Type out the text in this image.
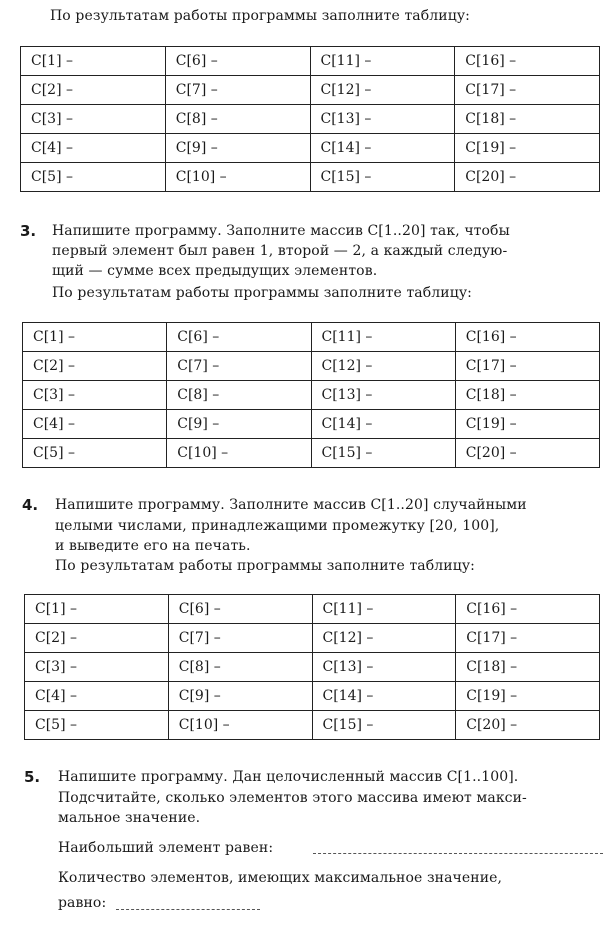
По результатам работы программы заполните таблицу:
C[1] –	C[6] –	C[11] –	C[16] –
C[2] –	C[7] –	C[12] –	C[17] –
C[3] –	C[8] –	C[13] –	C[18] –
C[4] –	C[9] –	C[14] –	C[19] –
C[5] –	C[10] –	C[15] –	C[20] –
3. Напишите программу. Заполните массив C[1..20] так, чтобы
первый элемент был равен 1, второй — 2, а каждый следую-
щий — сумме всех предыдущих элементов.
По результатам работы программы заполните таблицу:
C[1] –	C[6] –	C[11] –	C[16] –
C[2] –	C[7] –	C[12] –	C[17] –
C[3] –	C[8] –	C[13] –	C[18] –
C[4] –	C[9] –	C[14] –	C[19] –
C[5] –	C[10] –	C[15] –	C[20] –
4. Напишите программу. Заполните массив C[1..20] случайными
целыми числами, принадлежащими промежутку [20, 100],
и выведите его на печать.
По результатам работы программы заполните таблицу:
C[1] –	C[6] –	C[11] –	C[16] –
C[2] –	C[7] –	C[12] –	C[17] –
C[3] –	C[8] –	C[13] –	C[18] –
C[4] –	C[9] –	C[14] –	C[19] –
C[5] –	C[10] –	C[15] –	C[20] –
5. Напишите программу. Дан целочисленный массив C[1..100].
Подсчитайте, сколько элементов этого массива имеют макси-
мальное значение.
Наибольший элемент равен:
Количество элементов, имеющих максимальное значение,
равно:
